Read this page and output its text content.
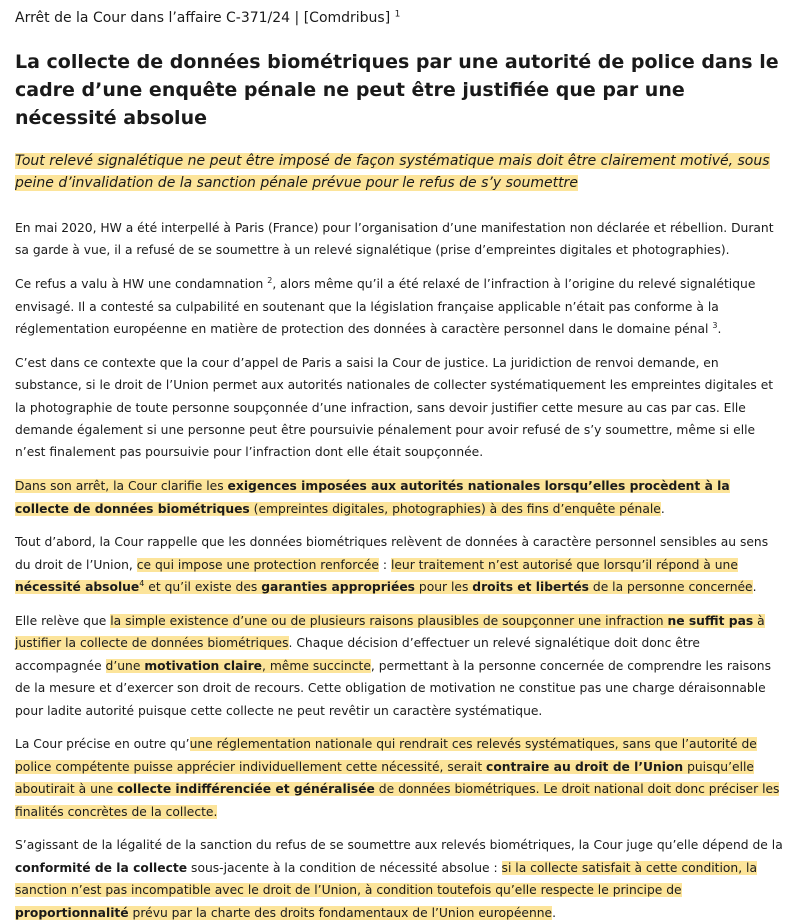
Arrêt de la Cour dans l’affaire C-371/24 | [Comdribus] $^1$
La collecte de données biométriques par une autorité de police dans le cadre d’une enquête pénale ne peut être justifiée que par une nécessité absolue
Tout relevé signalétique ne peut être imposé de façon systématique mais doit être clairement motivé, sous peine d’invalidation de la sanction pénale prévue pour le refus de s’y soumettre

En mai 2020, HW a été interpellé à Paris (France) pour l’organisation d’une manifestation non déclarée et rébellion. Durant sa garde à vue, il a refusé de se soumettre à un relevé signalétique (prise d’empreintes digitales et photographies).

Ce refus a valu à HW une condamnation $^2$, alors même qu’il a été relaxé de l’infraction à l’origine du relevé signalétique envisagé. Il a contesté sa culpabilité en soutenant que la législation française applicable n’était pas conforme à la réglementation européenne en matière de protection des données à caractère personnel dans le domaine pénal $^3$.

C’est dans ce contexte que la cour d’appel de Paris a saisi la Cour de justice. La juridiction de renvoi demande, en substance, si le droit de l’Union permet aux autorités nationales de collecter systématiquement les empreintes digitales et la photographie de toute personne soupçonnée d’une infraction, sans devoir justifier cette mesure au cas par cas. Elle demande également si une personne peut être poursuivie pénalement pour avoir refusé de s’y soumettre, même si elle n’est finalement pas poursuivie pour l’infraction dont elle était soupçonnée.

Dans son arrêt, la Cour clarifie les exigences imposées aux autorités nationales lorsqu’elles procèdent à la collecte de données biométriques (empreintes digitales, photographies) à des fins d’enquête pénale.

Tout d’abord, la Cour rappelle que les données biométriques relèvent de données à caractère personnel sensibles au sens du droit de l’Union, ce qui impose une protection renforcée : leur traitement n’est autorisé que lorsqu’il répond à une nécessité absolue$^4$ et qu’il existe des garanties appropriées pour les droits et libertés de la personne concernée.

Elle relève que la simple existence d’une ou de plusieurs raisons plausibles de soupçonner une infraction ne suffit pas à justifier la collecte de données biométriques. Chaque décision d’effectuer un relevé signalétique doit donc être accompagnée d’une motivation claire, même succincte, permettant à la personne concernée de comprendre les raisons de la mesure et d’exercer son droit de recours. Cette obligation de motivation ne constitue pas une charge déraisonnable pour ladite autorité puisque cette collecte ne peut revêtir un caractère systématique.

La Cour précise en outre qu’une réglementation nationale qui rendrait ces relevés systématiques, sans que l’autorité de police compétente puisse apprécier individuellement cette nécessité, serait contraire au droit de l’Union puisqu’elle aboutirait à une collecte indifférenciée et généralisée de données biométriques. Le droit national doit donc préciser les finalités concrètes de la collecte.

S’agissant de la légalité de la sanction du refus de se soumettre aux relevés biométriques, la Cour juge qu’elle dépend de la conformité de la collecte sous-jacente à la condition de nécessité absolue : si la collecte satisfait à cette condition, la sanction n’est pas incompatible avec le droit de l’Union, à condition toutefois qu’elle respecte le principe de proportionnalité prévu par la charte des droits fondamentaux de l’Union européenne.
